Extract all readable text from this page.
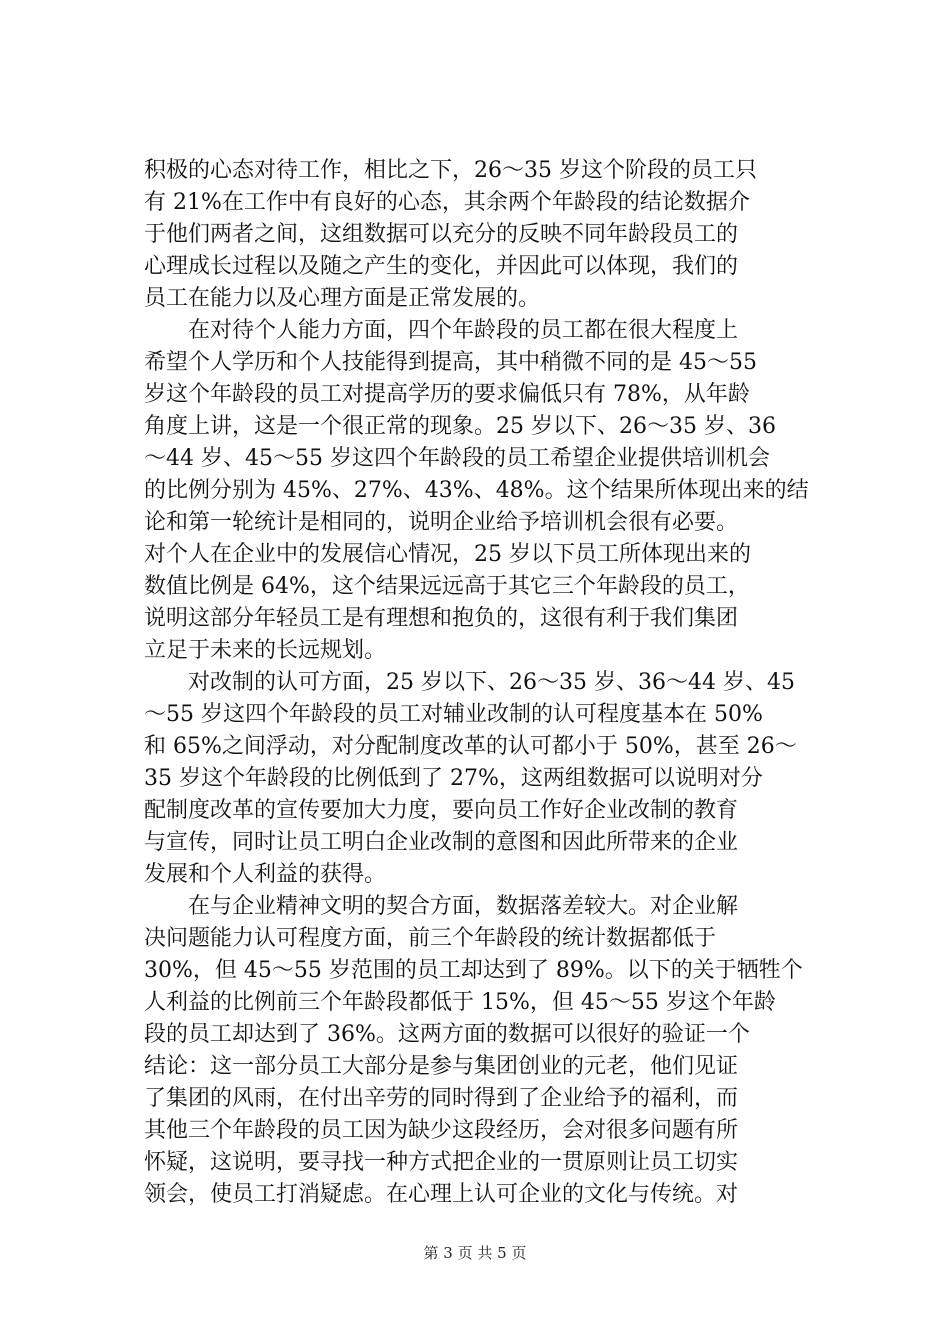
积极的心态对待工作，相比之下，26～35 岁这个阶段的员工只
有 21%在工作中有良好的心态，其余两个年龄段的结论数据介
于他们两者之间，这组数据可以充分的反映不同年龄段员工的
心理成长过程以及随之产生的变化，并因此可以体现，我们的
员工在能力以及心理方面是正常发展的。

在对待个人能力方面，四个年龄段的员工都在很大程度上
希望个人学历和个人技能得到提高，其中稍微不同的是 45～55
岁这个年龄段的员工对提高学历的要求偏低只有 78%，从年龄
角度上讲，这是一个很正常的现象。25 岁以下、26～35 岁、36
～44 岁、45～55 岁这四个年龄段的员工希望企业提供培训机会
的比例分别为 45%、27%、43%、48%。这个结果所体现出来的结
论和第一轮统计是相同的，说明企业给予培训机会很有必要。
对个人在企业中的发展信心情况，25 岁以下员工所体现出来的
数值比例是 64%，这个结果远远高于其它三个年龄段的员工，
说明这部分年轻员工是有理想和抱负的，这很有利于我们集团
立足于未来的长远规划。

对改制的认可方面，25 岁以下、26～35 岁、36～44 岁、45
～55 岁这四个年龄段的员工对辅业改制的认可程度基本在 50%
和 65%之间浮动，对分配制度改革的认可都小于 50%，甚至 26～
35 岁这个年龄段的比例低到了 27%，这两组数据可以说明对分
配制度改革的宣传要加大力度，要向员工作好企业改制的教育
与宣传，同时让员工明白企业改制的意图和因此所带来的企业
发展和个人利益的获得。

在与企业精神文明的契合方面，数据落差较大。对企业解
决问题能力认可程度方面，前三个年龄段的统计数据都低于
30%，但 45～55 岁范围的员工却达到了 89%。以下的关于牺牲个
人利益的比例前三个年龄段都低于 15%，但 45～55 岁这个年龄
段的员工却达到了 36%。这两方面的数据可以很好的验证一个
结论：这一部分员工大部分是参与集团创业的元老，他们见证
了集团的风雨，在付出辛劳的同时得到了企业给予的福利，而
其他三个年龄段的员工因为缺少这段经历，会对很多问题有所
怀疑，这说明，要寻找一种方式把企业的一贯原则让员工切实
领会，使员工打消疑虑。在心理上认可企业的文化与传统。对

第 3 页 共 5 页
